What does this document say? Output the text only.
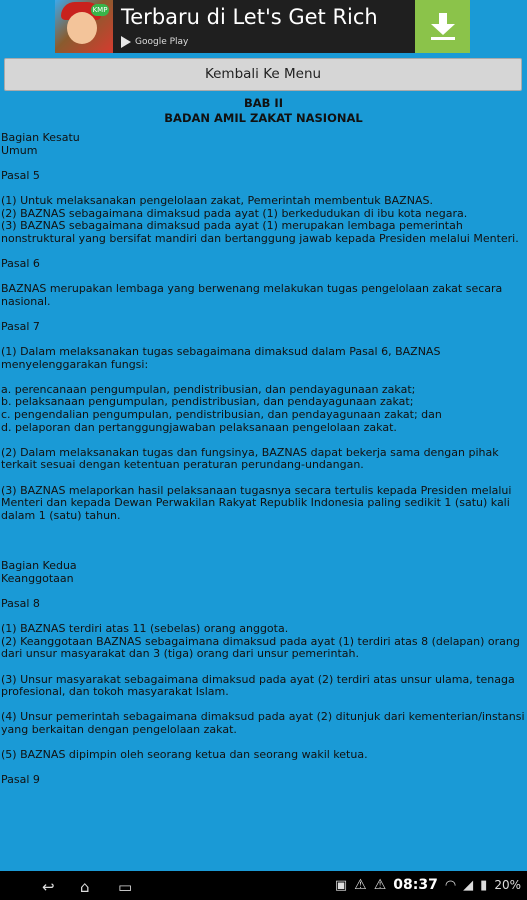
KMP Terbaru di Let's Get Rich
Google Play
Kembali Ke Menu
BAB II
BADAN AMIL ZAKAT NASIONAL
Bagian Kesatu
Umum
Pasal 5
(1) Untuk melaksanakan pengelolaan zakat, Pemerintah membentuk BAZNAS.
(2) BAZNAS sebagaimana dimaksud pada ayat (1) berkedudukan di ibu kota negara.
(3) BAZNAS sebagaimana dimaksud pada ayat (1) merupakan lembaga pemerintah
nonstruktural yang bersifat mandiri dan bertanggung jawab kepada Presiden melalui Menteri.
Pasal 6
BAZNAS merupakan lembaga yang berwenang melakukan tugas pengelolaan zakat secara
nasional.
Pasal 7
(1) Dalam melaksanakan tugas sebagaimana dimaksud dalam Pasal 6, BAZNAS
menyelenggarakan fungsi:
a. perencanaan pengumpulan, pendistribusian, dan pendayagunaan zakat;
b. pelaksanaan pengumpulan, pendistribusian, dan pendayagunaan zakat;
c. pengendalian pengumpulan, pendistribusian, dan pendayagunaan zakat; dan
d. pelaporan dan pertanggungjawaban pelaksanaan pengelolaan zakat.
(2) Dalam melaksanakan tugas dan fungsinya, BAZNAS dapat bekerja sama dengan pihak
terkait sesuai dengan ketentuan peraturan perundang-undangan.
(3) BAZNAS melaporkan hasil pelaksanaan tugasnya secara tertulis kepada Presiden melalui
Menteri dan kepada Dewan Perwakilan Rakyat Republik Indonesia paling sedikit 1 (satu) kali
dalam 1 (satu) tahun.
Bagian Kedua
Keanggotaan
Pasal 8
(1) BAZNAS terdiri atas 11 (sebelas) orang anggota.
(2) Keanggotaan BAZNAS sebagaimana dimaksud pada ayat (1) terdiri atas 8 (delapan) orang
dari unsur masyarakat dan 3 (tiga) orang dari unsur pemerintah.
(3) Unsur masyarakat sebagaimana dimaksud pada ayat (2) terdiri atas unsur ulama, tenaga
profesional, dan tokoh masyarakat Islam.
(4) Unsur pemerintah sebagaimana dimaksud pada ayat (2) ditunjuk dari kementerian/instansi
yang berkaitan dengan pengelolaan zakat.
(5) BAZNAS dipimpin oleh seorang ketua dan seorang wakil ketua.
Pasal 9
↩ ⌂ ▭	▣ ⚠ ⚠ 08:37 ◠ ◢ ▮ 20%
